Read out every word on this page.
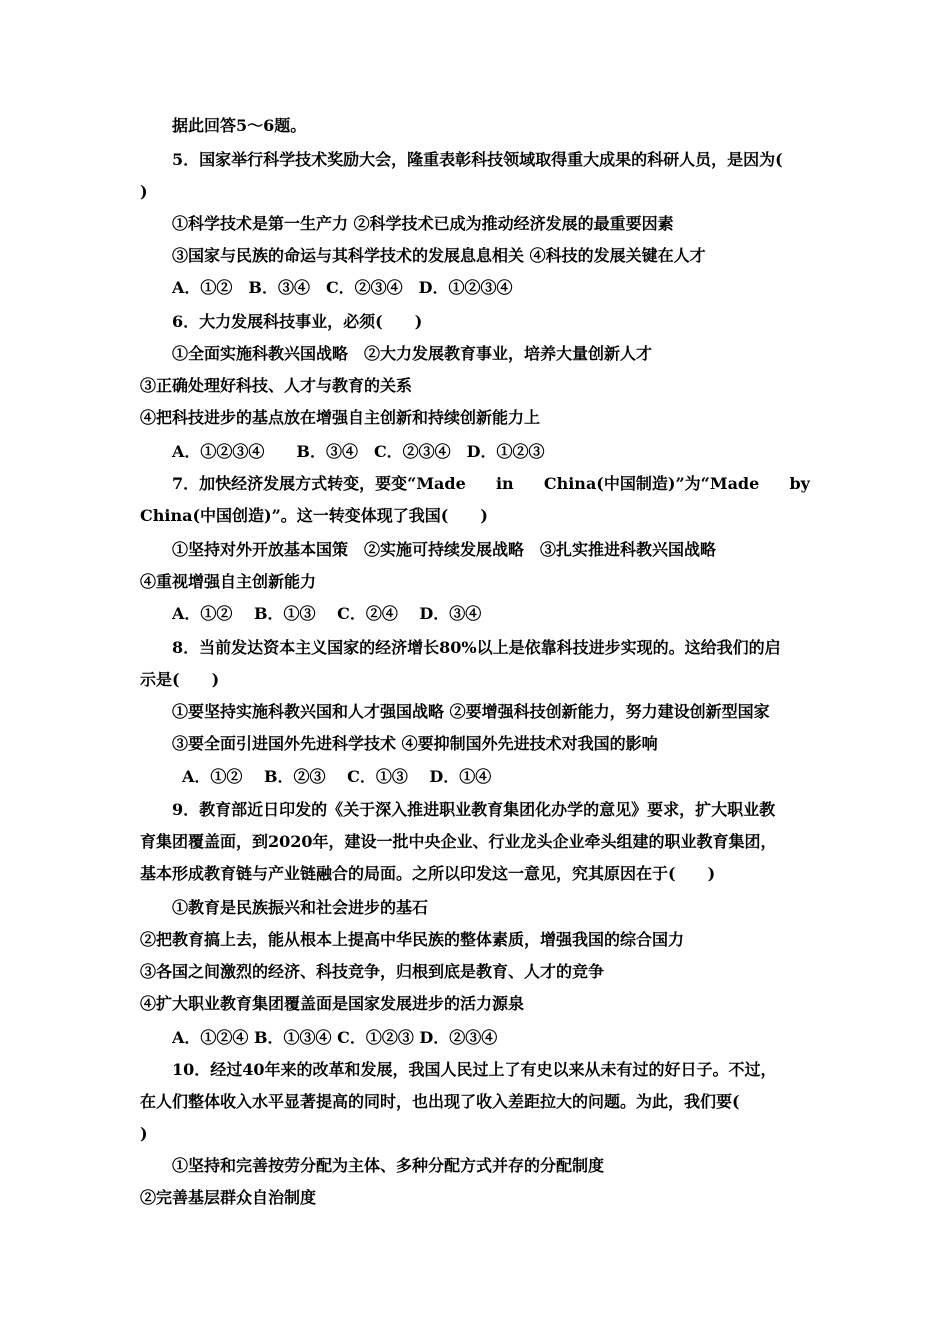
据此回答5～6题。
5．国家举行科学技术奖励大会，隆重表彰科技领域取得重大成果的科研人员，是因为(
)
①科学技术是第一生产力 ②科学技术已成为推动经济发展的最重要因素
③国家与民族的命运与其科学技术的发展息息相关 ④科技的发展关键在人才
A．①②　B．③④　C．②③④　D．①②③④
6．大力发展科技事业，必须(　　)
①全面实施科教兴国战略　②大力发展教育事业，培养大量创新人才
③正确处理好科技、人才与教育的关系
④把科技进步的基点放在增强自主创新和持续创新能力上
A．①②③④　　B．③④　C．②③④　D．①②③
7．加快经济发展方式转变，要变“Made in China(中国制造)”为“Made by
China(中国创造)”。这一转变体现了我国(　　)
①坚持对外开放基本国策　②实施可持续发展战略　③扎实推进科教兴国战略
④重视增强自主创新能力
A．①②　 B．①③　 C．②④　 D．③④
8．当前发达资本主义国家的经济增长80%以上是依靠科技进步实现的。这给我们的启
示是(　　)
①要坚持实施科教兴国和人才强国战略 ②要增强科技创新能力，努力建设创新型国家
③要全面引进国外先进科学技术 ④要抑制国外先进技术对我国的影响
A．①②　 B．②③　 C．①③　 D．①④
9．教育部近日印发的《关于深入推进职业教育集团化办学的意见》要求，扩大职业教
育集团覆盖面，到2020年，建设一批中央企业、行业龙头企业牵头组建的职业教育集团，
基本形成教育链与产业链融合的局面。之所以印发这一意见，究其原因在于(　　)
①教育是民族振兴和社会进步的基石
②把教育搞上去，能从根本上提高中华民族的整体素质，增强我国的综合国力
③各国之间激烈的经济、科技竞争，归根到底是教育、人才的竞争
④扩大职业教育集团覆盖面是国家发展进步的活力源泉
A．①②④ B．①③④ C．①②③ D．②③④
10．经过40年来的改革和发展，我国人民过上了有史以来从未有过的好日子。不过，
在人们整体收入水平显著提高的同时，也出现了收入差距拉大的问题。为此，我们要(
)
①坚持和完善按劳分配为主体、多种分配方式并存的分配制度
②完善基层群众自治制度
